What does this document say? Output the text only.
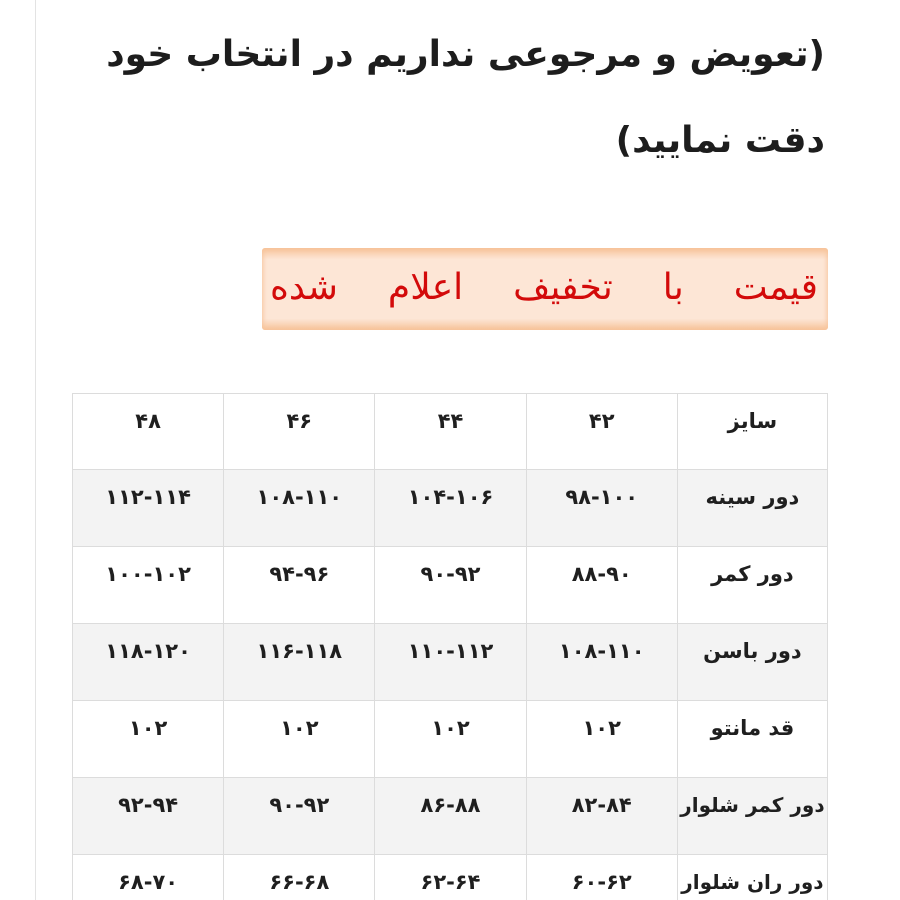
(تعویض و مرجوعی نداریم در انتخاب خود
دقت نمایید)
قیمت با تخفیف اعلام شده
سایز
۴۲
۴۴
۴۶
۴۸
دور سینه
۹۸-۱۰۰
۱۰۴-۱۰۶
۱۰۸-۱۱۰
۱۱۲-۱۱۴
دور کمر
۸۸-۹۰
۹۰-۹۲
۹۴-۹۶
۱۰۰-۱۰۲
دور باسن
۱۰۸-۱۱۰
۱۱۰-۱۱۲
۱۱۶-۱۱۸
۱۱۸-۱۲۰
قد مانتو
۱۰۲
۱۰۲
۱۰۲
۱۰۲
دور کمر شلوار
۸۲-۸۴
۸۶-۸۸
۹۰-۹۲
۹۲-۹۴
دور ران شلوار
۶۰-۶۲
۶۲-۶۴
۶۶-۶۸
۶۸-۷۰
